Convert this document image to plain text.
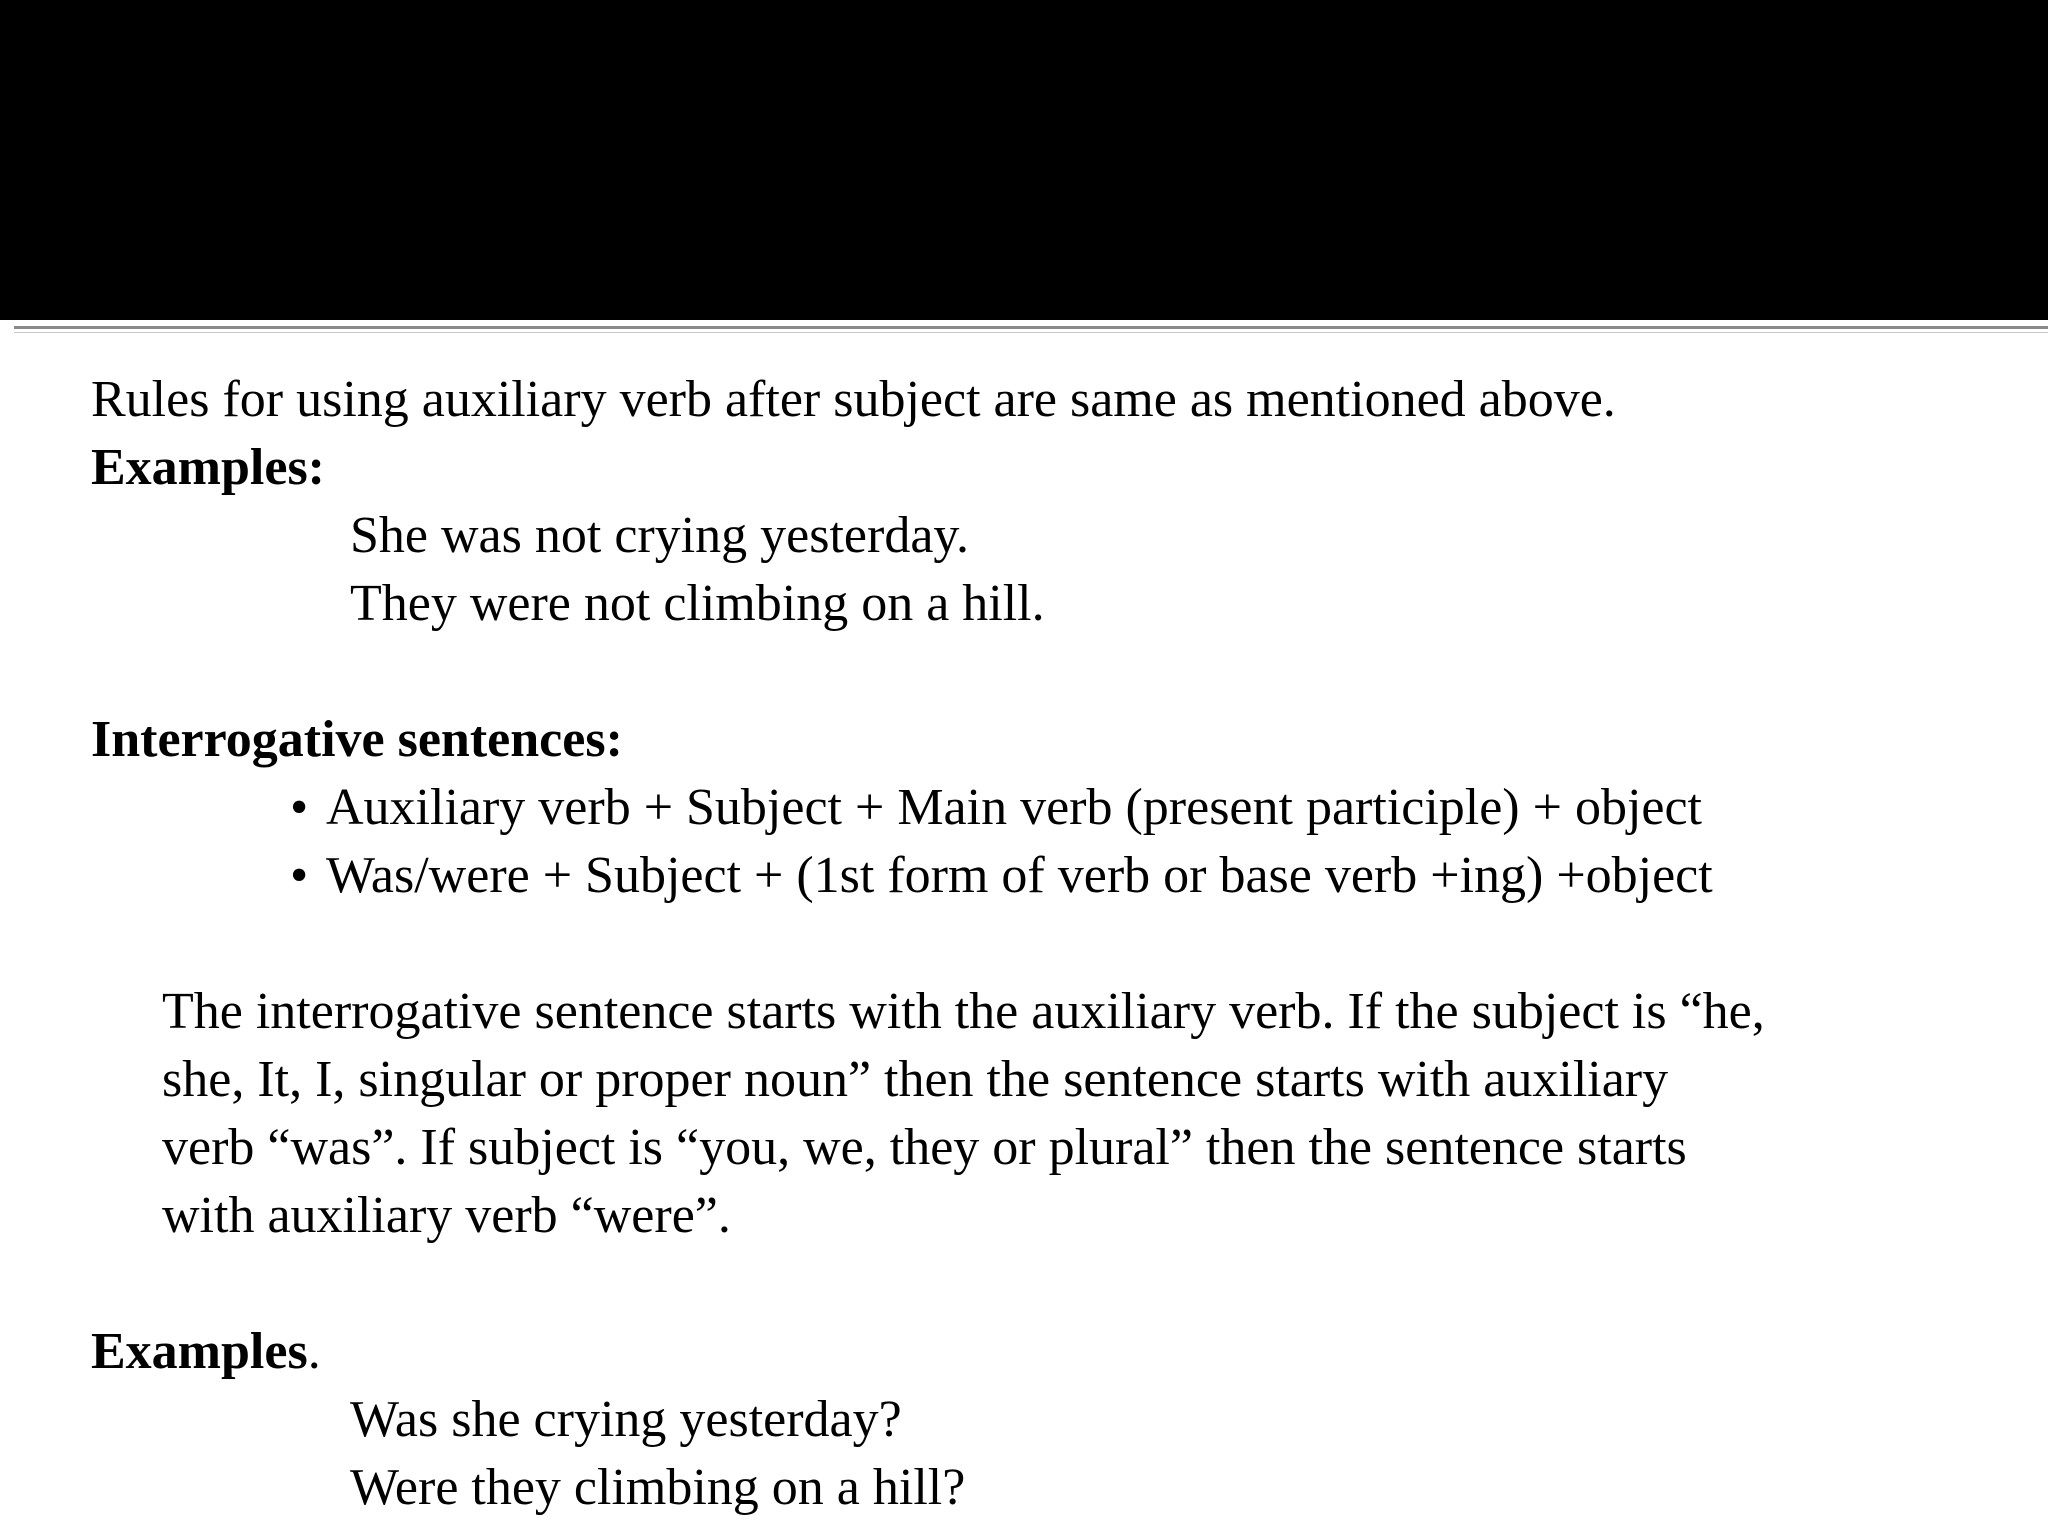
Rules for using auxiliary verb after subject are same as mentioned above.
Examples:
She was not crying yesterday.
They were not climbing on a hill.
Interrogative sentences:
• Auxiliary verb + Subject + Main verb (present participle) + object
• Was/were + Subject + (1st form of verb or base verb +ing) +object
The interrogative sentence starts with the auxiliary verb. If the subject is “he,
she, It, I, singular or proper noun” then the sentence starts with auxiliary
verb “was”. If subject is “you, we, they or plural” then the sentence starts
with auxiliary verb “were”.
Examples.
Was she crying yesterday?
Were they climbing on a hill?
